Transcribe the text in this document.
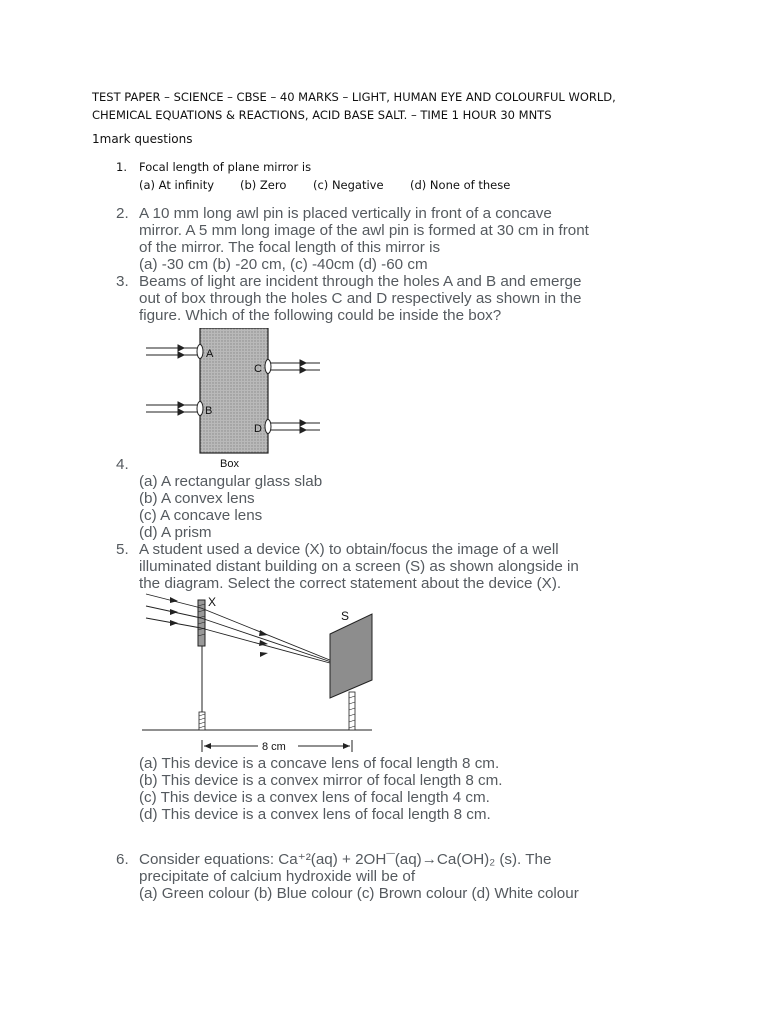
TEST PAPER – SCIENCE – CBSE – 40 MARKS – LIGHT, HUMAN EYE AND COLOURFUL WORLD,
CHEMICAL EQUATIONS & REACTIONS, ACID BASE SALT. – TIME 1 HOUR 30 MNTS
1mark questions
1. Focal length of plane mirror is
(a) At infinity (b) Zero (c) Negative (d) None of these
2. A 10 mm long awl pin is placed vertically in front of a concave
mirror. A 5 mm long image of the awl pin is formed at 30 cm in front
of the mirror. The focal length of this mirror is
(a) -30 cm (b) -20 cm, (c) -40cm (d) -60 cm
3. Beams of light are incident through the holes A and B and emerge
out of box through the holes C and D respectively as shown in the
figure. Which of the following could be inside the box?
A
B
C
D
Box
4.
(a) A rectangular glass slab
(b) A convex lens
(c) A concave lens
(d) A prism
5. A student used a device (X) to obtain/focus the image of a well
illuminated distant building on a screen (S) as shown alongside in
the diagram. Select the correct statement about the device (X).
8 cm
X
S
(a) This device is a concave lens of focal length 8 cm.
(b) This device is a convex mirror of focal length 8 cm.
(c) This device is a convex lens of focal length 4 cm.
(d) This device is a convex lens of focal length 8 cm.
6. Consider equations: Ca⁺²(aq) + 2OH¯(aq)→Ca(OH)₂ (s). The
precipitate of calcium hydroxide will be of
(a) Green colour (b) Blue colour (c) Brown colour (d) White colour
